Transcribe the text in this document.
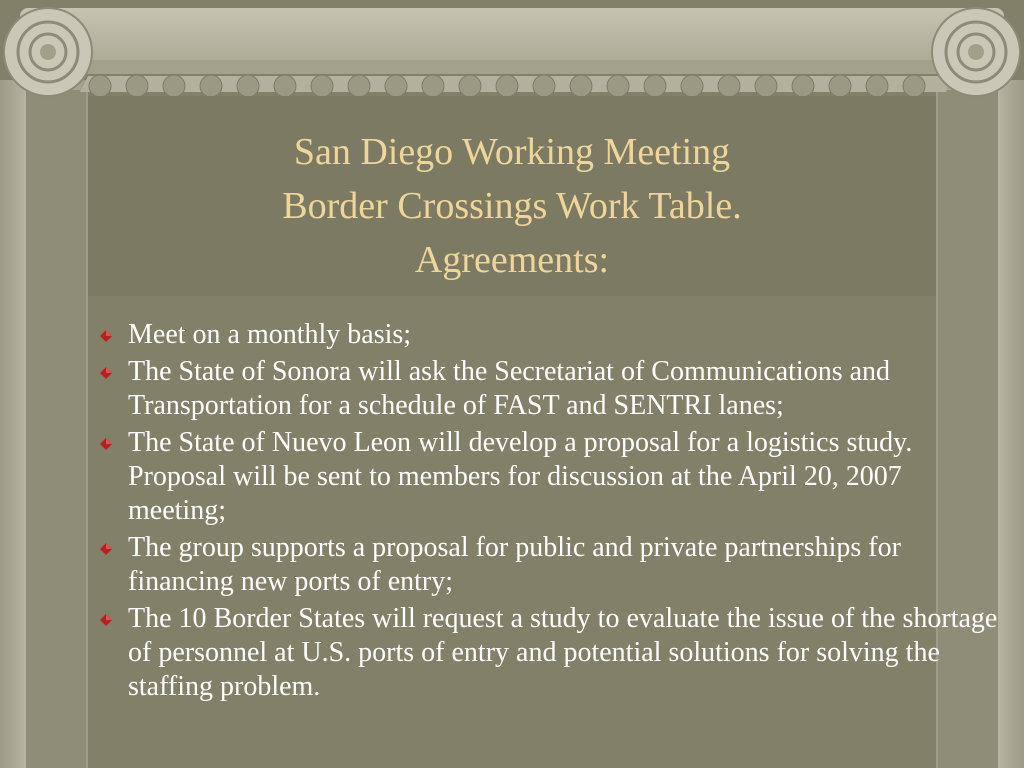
San Diego Working Meeting
Border Crossings Work Table.
Agreements:
Meet on a monthly basis;
The State of Sonora will ask the Secretariat of Communications and Transportation for a schedule of FAST and SENTRI lanes;
The State of Nuevo Leon will develop a proposal for a logistics study. Proposal will be sent to members for discussion at the April 20, 2007 meeting;
The group supports a proposal for public and private partnerships for financing new ports of entry;
The 10 Border States will request a study to evaluate the issue of the shortage of personnel at U.S. ports of entry and potential solutions for solving the staffing problem.
